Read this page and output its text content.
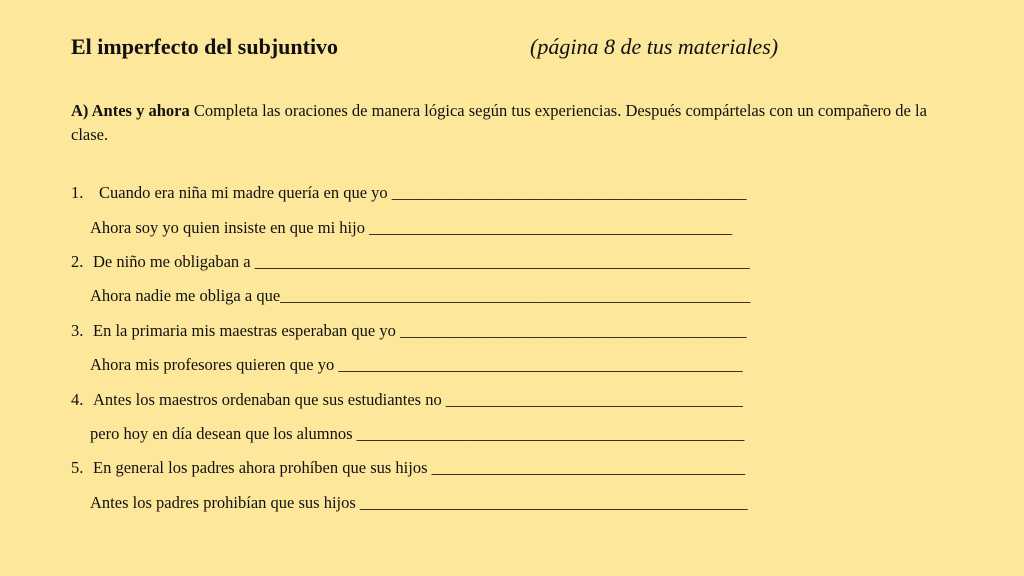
El imperfecto del subjuntivo	(página 8 de tus materiales)
A) Antes y ahora Completa las oraciones de manera lógica según tus experiencias. Después compártelas con un compañero de la clase.
1. Cuando era niña mi madre quería en que yo ___________________________________________
Ahora soy yo quien insiste en que mi hijo ____________________________________________
2. De niño me obligaban a ____________________________________________________________
Ahora nadie me obliga a que_________________________________________________________
3. En la primaria mis maestras esperaban que yo __________________________________________
Ahora mis profesores quieren que yo _________________________________________________
4. Antes los maestros ordenaban que sus estudiantes no ____________________________________
pero hoy en día desean que los alumnos _______________________________________________
5. En general los padres ahora prohíben que sus hijos ______________________________________
Antes los padres prohibían que sus hijos _______________________________________________
